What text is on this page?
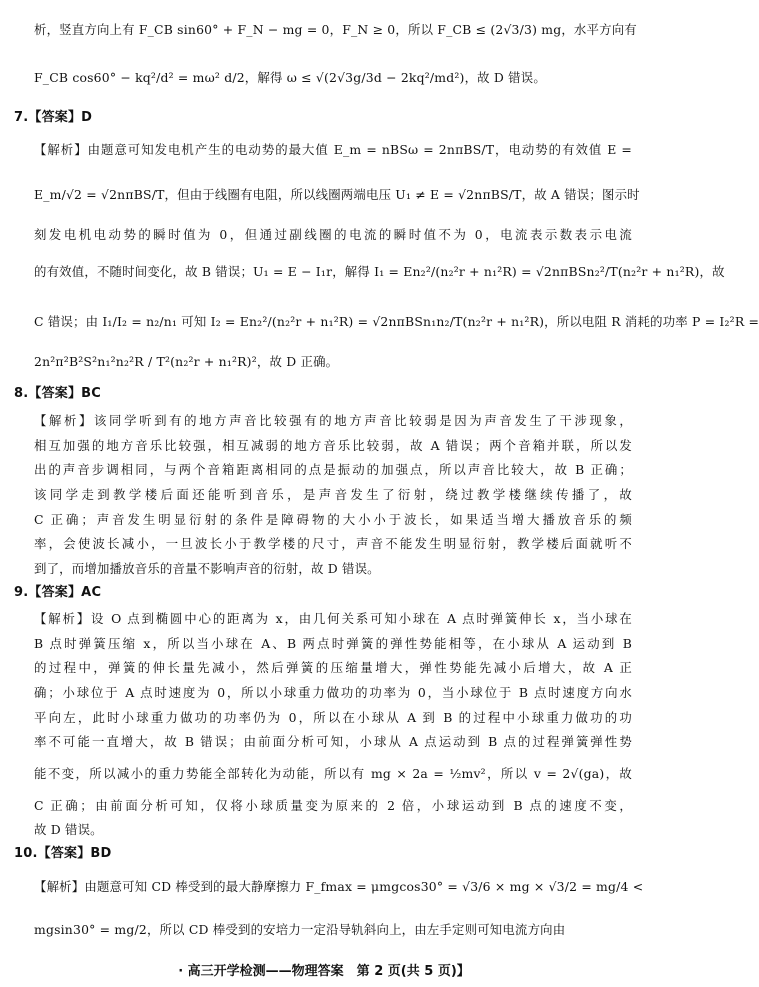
析，竖直方向上有 F_CB sin60° + F_N − mg = 0，F_N ≥ 0，所以 F_CB ≤ (2√3/3) mg，水平方向有
F_CB cos60° − kq²/d² = mω² d/2，解得 ω ≤ √(2√3g/3d − 2kq²/md²)，故 D 错误。
7.【答案】D
【解析】由题意可知发电机产生的电动势的最大值 E_m = nBSω = 2nπBS/T，电动势的有效值 E =
E_m/√2 = √2nπBS/T，但由于线圈有电阻，所以线圈两端电压 U₁ ≠ E = √2nπBS/T，故 A 错误；图示时
刻发电机电动势的瞬时值为 0，但通过副线圈的电流的瞬时值不为 0，电流表示数表示电流
的有效值，不随时间变化，故 B 错误；U₁ = E − I₁r，解得 I₁ = En₂²/(n₂²r + n₁²R) = √2nπBSn₂²/T(n₂²r + n₁²R)，故
C 错误；由 I₁/I₂ = n₂/n₁ 可知 I₂ = En₂²/(n₂²r + n₁²R) = √2nπBSn₁n₂/T(n₂²r + n₁²R)，所以电阻 R 消耗的功率 P = I₂²R =
2n²π²B²S²n₁²n₂²R / T²(n₂²r + n₁²R)²，故 D 正确。
8.【答案】BC
【解析】该同学听到有的地方声音比较强有的地方声音比较弱是因为声音发生了干涉现象，
相互加强的地方音乐比较强，相互减弱的地方音乐比较弱，故 A 错误；两个音箱并联，所以发
出的声音步调相同，与两个音箱距离相同的点是振动的加强点，所以声音比较大，故 B 正确；
该同学走到教学楼后面还能听到音乐，是声音发生了衍射，绕过教学楼继续传播了，故
C 正确；声音发生明显衍射的条件是障碍物的大小小于波长，如果适当增大播放音乐的频
率，会使波长减小，一旦波长小于教学楼的尺寸，声音不能发生明显衍射，教学楼后面就听不
到了，而增加播放音乐的音量不影响声音的衍射，故 D 错误。
9.【答案】AC
【解析】设 O 点到椭圆中心的距离为 x，由几何关系可知小球在 A 点时弹簧伸长 x，当小球在
B 点时弹簧压缩 x，所以当小球在 A、B 两点时弹簧的弹性势能相等，在小球从 A 运动到 B
的过程中，弹簧的伸长量先减小，然后弹簧的压缩量增大，弹性势能先减小后增大，故 A 正
确；小球位于 A 点时速度为 0，所以小球重力做功的功率为 0，当小球位于 B 点时速度方向水
平向左，此时小球重力做功的功率仍为 0，所以在小球从 A 到 B 的过程中小球重力做功的功
率不可能一直增大，故 B 错误；由前面分析可知，小球从 A 点运动到 B 点的过程弹簧弹性势
能不变，所以减小的重力势能全部转化为动能，所以有 mg × 2a = ½mv²，所以 v = 2√(ga)，故
C 正确；由前面分析可知，仅将小球质量变为原来的 2 倍，小球运动到 B 点的速度不变，
故 D 错误。
10.【答案】BD
【解析】由题意可知 CD 棒受到的最大静摩擦力 F_fmax = μmgcos30° = √3/6 × mg × √3/2 = mg/4 <
mgsin30° = mg/2，所以 CD 棒受到的安培力一定沿导轨斜向上，由左手定则可知电流方向由
· 高三开学检测——物理答案　第 2 页(共 5 页)】
